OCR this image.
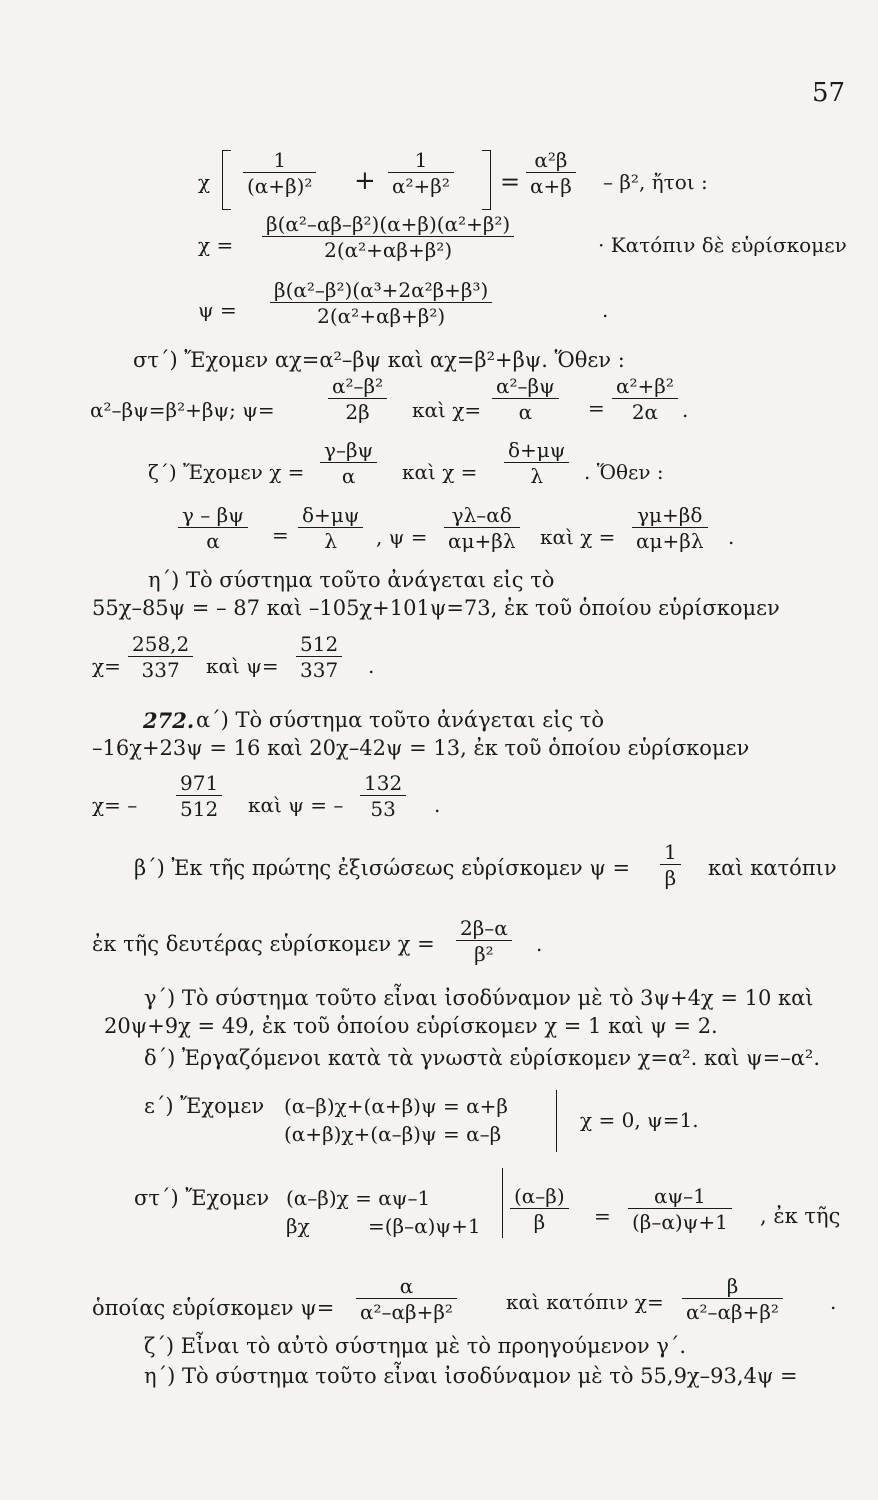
57
χ $\frac{1}{\text{(α+β)²}} + \frac{1}{\text{α²+β²}} = \frac{\text{α²β}}{\alpha+\beta} - \beta^2$, ἤτοι :
$\chi = \frac{\text{β(α²–αβ–β²)(α+β)(α²+β²)}}{\text{2(α²+αβ+β²)}}$	· Κατόπιν δὲ εὑρίσκομεν
$\psi = \frac{\text{β(α²–β²)(α³+2α²β+β³)}}{\text{2(α²+αβ+β²)}}$	.
στ΄) Ἔχομεν αχ=α²–βψ καὶ αχ=β²+βψ. Ὅθεν :
α²–βψ=β²+βψ; ψ=	$\frac{\text{α²–β²}}{2\beta}$ καὶ $\chi= \frac{\text{α²–βψ}}{\alpha} = \frac{\text{α²+β²}}{2\alpha}$ .
ζ΄) Ἔχομεν $\chi = \frac{\gamma-\beta\psi}{\alpha}$ καὶ $\chi = \frac{\delta+\mu\psi}{\lambda}$ . Ὅθεν :
$\frac{\gamma - \beta\psi}{\alpha} = \frac{\delta+\mu\psi}{\lambda}$ , $\psi = \frac{\gamma\lambda-\alpha\delta}{\alpha\mu+\beta\lambda}$ καὶ $\chi = \frac{\gamma\mu+\beta\delta}{\alpha\mu+\beta\lambda}$ .
η΄) Τὸ σύστημα τοῦτο ἀνάγεται εἰς τὸ
55χ–85ψ = – 87 καὶ –105χ+101ψ=73, ἐκ τοῦ ὁποίου εὑρίσκομεν
$\chi= \frac{258,2}{337}$ καὶ $\psi= \frac{512}{337}$ .
272. α΄) Τὸ σύστημα τοῦτο ἀνάγεται εἰς τὸ
–16χ+23ψ = 16 καὶ 20χ–42ψ = 13, ἐκ τοῦ ὁποίου εὑρίσκομεν
$\chi= - \frac{971}{512}$ καὶ ψ = – $\frac{132}{53}$ .
β΄) Ἐκ τῆς πρώτης ἐξισώσεως εὑρίσκομεν $\psi = \frac{1}{\beta}$ καὶ κατόπιν
ἐκ τῆς δευτέρας εὑρίσκομεν $\chi = \frac{2\beta-\alpha}{\text{β²}}$ .
γ΄) Τὸ σύστημα τοῦτο εἶναι ἰσοδύναμον μὲ τὸ 3ψ+4χ = 10 καὶ
20ψ+9χ = 49, ἐκ τοῦ ὁποίου εὑρίσκομεν χ = 1 καὶ ψ = 2.
δ΄) Ἐργαζόμενοι κατὰ τὰ γνωστὰ εὑρίσκομεν χ=α². καὶ ψ=–α².
ε΄) Ἔχομεν (α–β)χ+(α+β)ψ = α+β
(α+β)χ+(α–β)ψ = α–β
χ = 0, ψ=1.
στ΄) Ἔχομεν (α–β)χ = αψ–1
βχ	$=(\beta-\alpha)\psi+1 \frac{(\alpha-\beta)}{\beta} = \frac{\alpha\psi-1}{(\beta-\alpha)\psi+1}$ , ἐκ τῆς
ὁποίας εὑρίσκομεν $\psi= \frac{\alpha}{\text{α²–αβ+β²}}$ καὶ κατόπιν $\chi= \frac{\beta}{\text{α²–αβ+β²}}$ .
ζ΄) Εἶναι τὸ αὐτὸ σύστημα μὲ τὸ προηγούμενον γ΄.
η΄) Τὸ σύστημα τοῦτο εἶναι ἰσοδύναμον μὲ τὸ 55,9χ–93,4ψ =
